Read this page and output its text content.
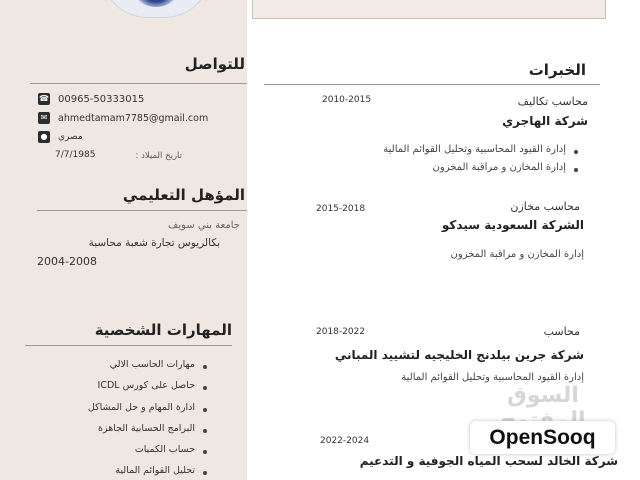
للتواصل
☎ 00965-50333015
✉ ahmedtamam7785@gmail.com
● مصري
7/7/1985	تاريخ الميلاد :
المؤهل التعليمي
جامعة بني سويف
بكالريوس تجارة شعبة محاسبة
2004-2008
المهارات الشخصية
مهارات الحاسب الالي
حاصل على كورس ICDL
ادارة المهام و حل المشاكل
البرامج الحسابية الجاهزة
حساب الكميات
تحليل القوائم المالية
الخبرات
2010-2015	محاسب تكاليف
شركة الهاجري
إدارة القيود المحاسبية وتحليل القوائم المالية
إدارة المخازن و مراقبة المخزون
2015-2018	محاسب مخازن
الشركة السعودية سيدكو
إدارة المخازن و مراقبة المخزون
2018-2022	محاسب
شركة جرين بيلدنج الخليجيه لتشييد المباني
إدارة القيود المحاسبية وتحليل القوائم المالية
2022-2024
شركة الخالد لسحب المياه الجوفية و التدعيم
السوق
OpenSooq
